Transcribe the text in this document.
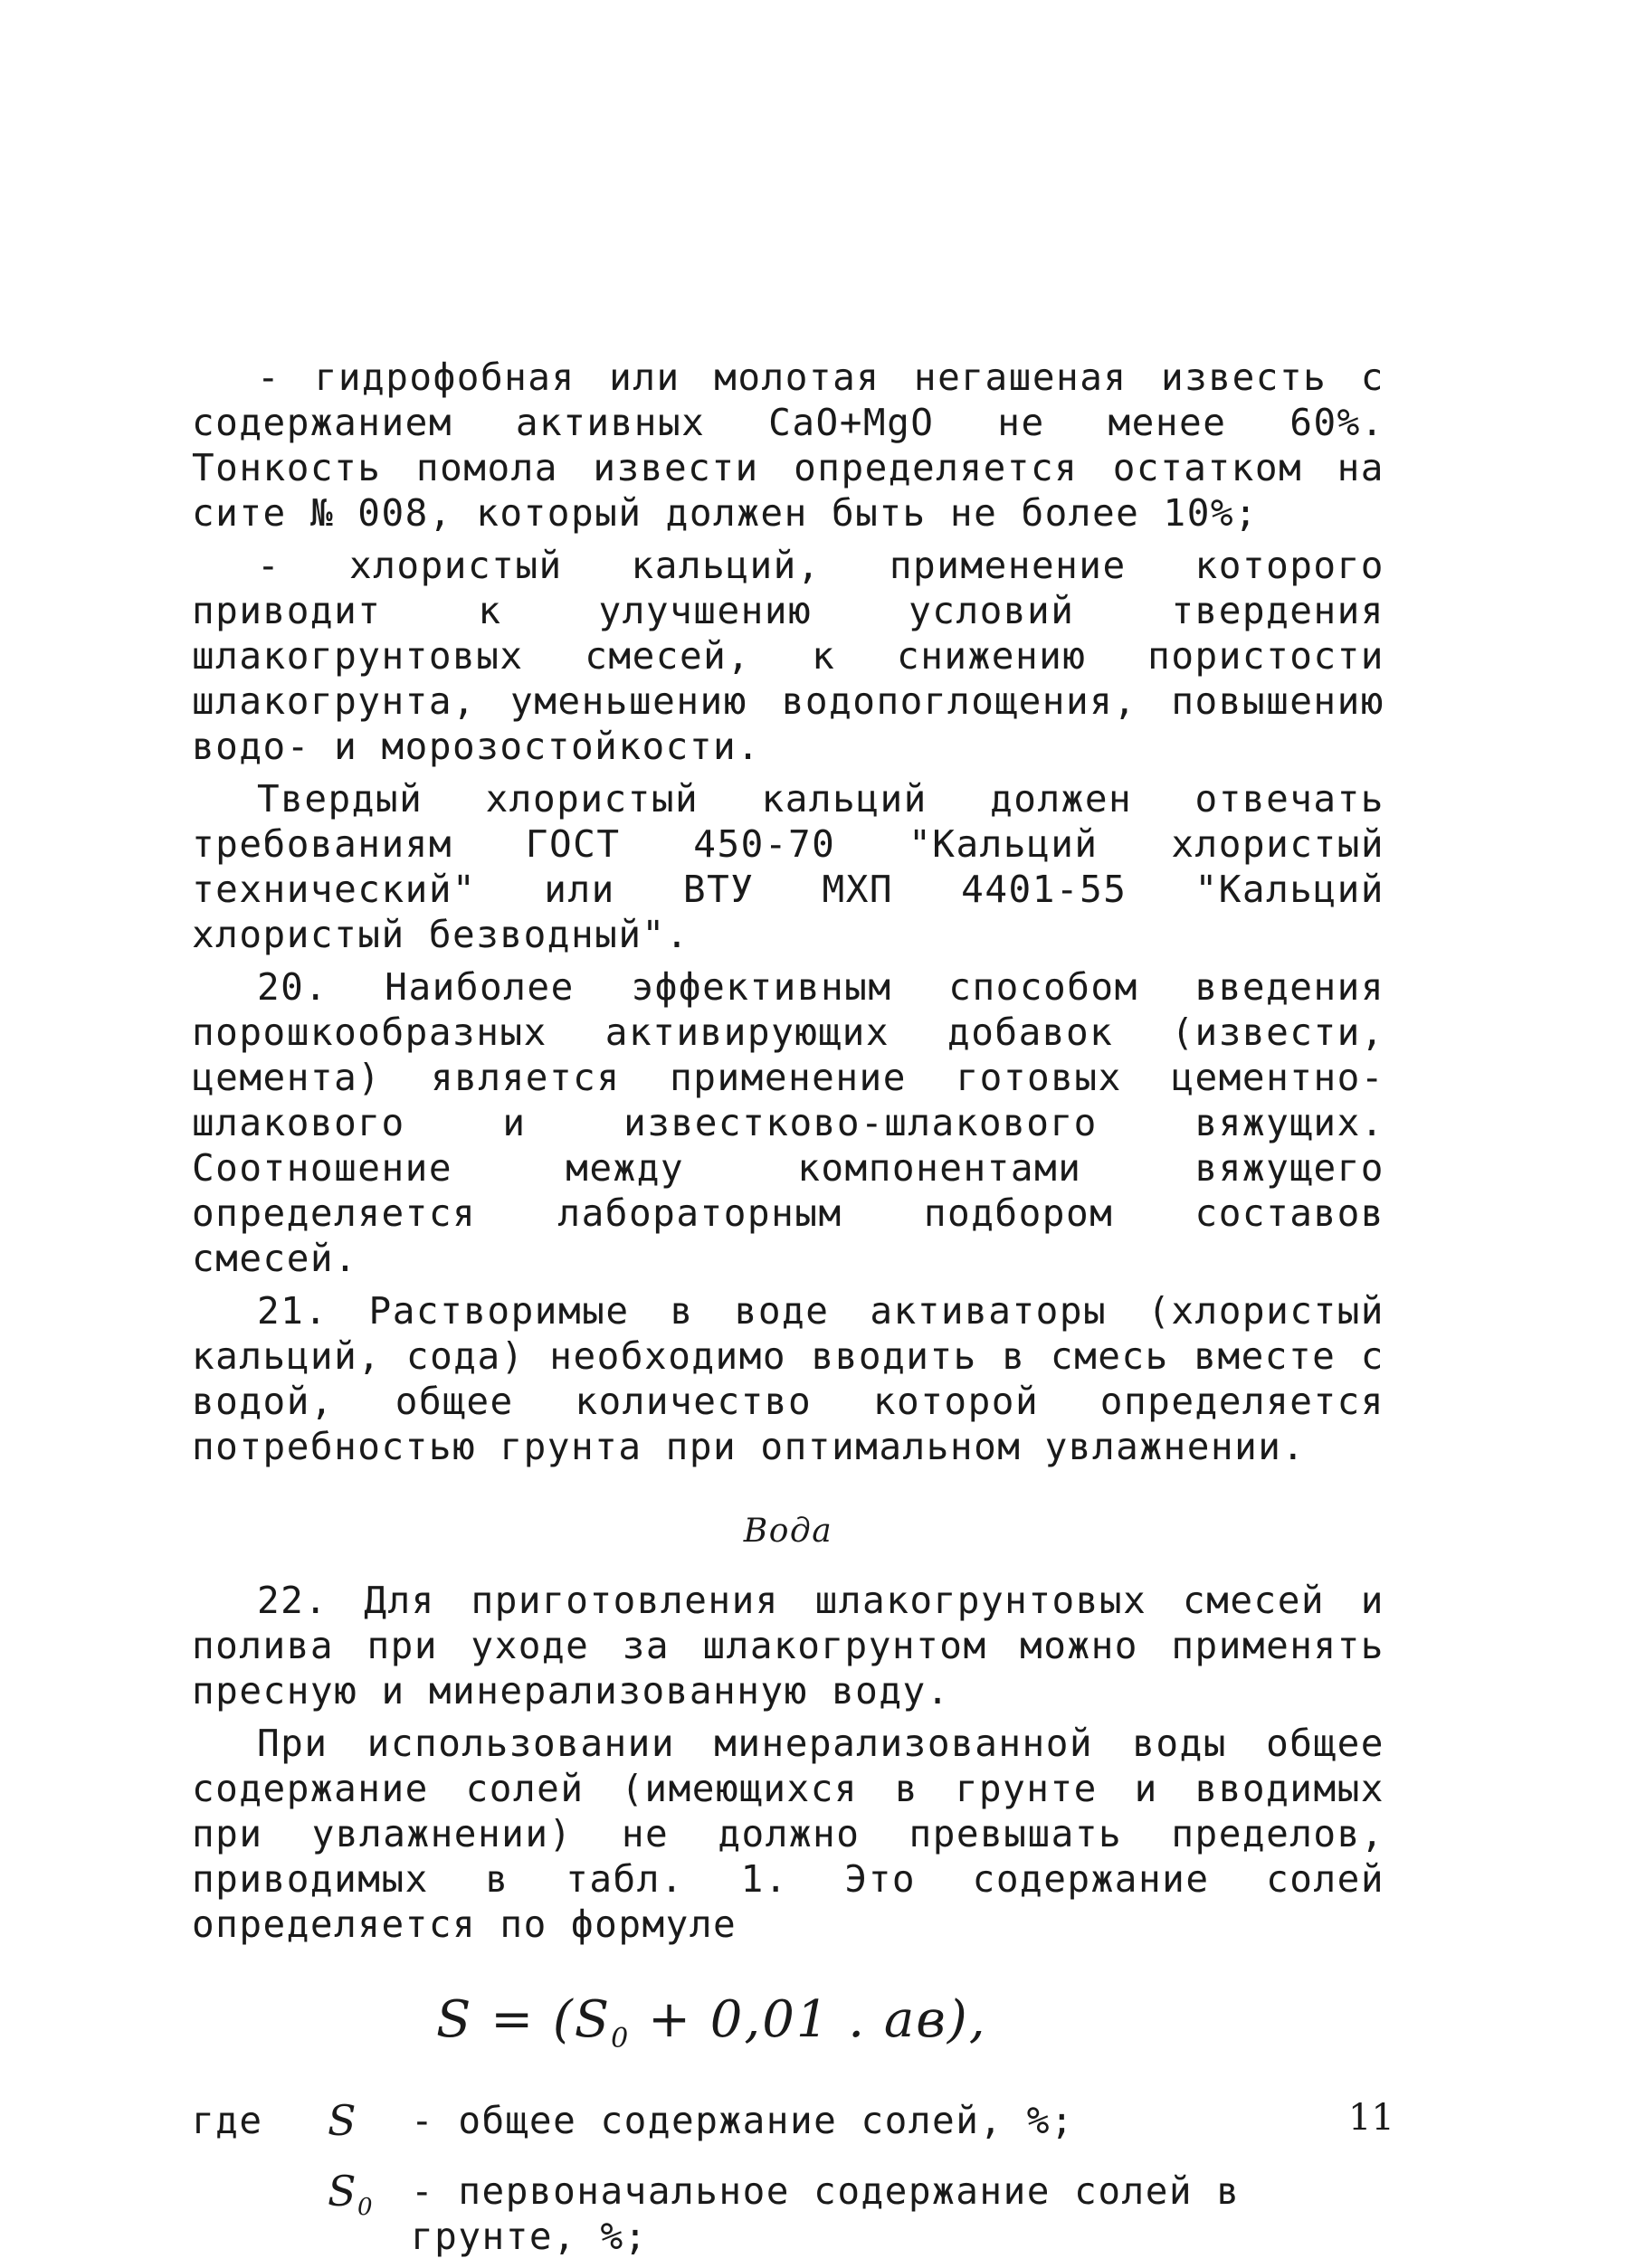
- гидрофобная или молотая негашеная известь с содержанием активных CaO+MgO не менее 60%. Тонкость помола извести определяется остатком на сите № 008, который должен быть не более 10%;

- хлористый кальций, применение которого приводит к улучшению условий твердения шлакогрунтовых смесей, к снижению пористости шлакогрунта, уменьшению водопоглощения, повышению водо- и морозостойкости.

Твердый хлористый кальций должен отвечать требованиям ГОСТ 450-70 "Кальций хлористый технический" или ВТУ МХП 4401-55 "Кальций хлористый безводный".

20. Наиболее эффективным способом введения порошкообразных активирующих добавок (извести, цемента) является применение готовых цементно-шлакового и известково-шлакового вяжущих. Соотношение между компонентами вяжущего определяется лабораторным подбором составов смесей.

21. Растворимые в воде активаторы (хлористый кальций, сода) необходимо вводить в смесь вместе с водой, общее количество которой определяется потребностью грунта при оптимальном увлажнении.

Вода

22. Для приготовления шлакогрунтовых смесей и полива при уходе за шлакогрунтом можно применять пресную и минерализованную воду.

При использовании минерализованной воды общее содержание солей (имеющихся в грунте и вводимых при увлажнении) не должно превышать пределов, приводимых в табл. 1. Это содержание солей определяется по формуле

$S = (S_0 + 0,01$ . aв),
где	S	- общее содержание солей, %;
	$S_0$	- первоначальное содержание солей в грунте, %;
11
